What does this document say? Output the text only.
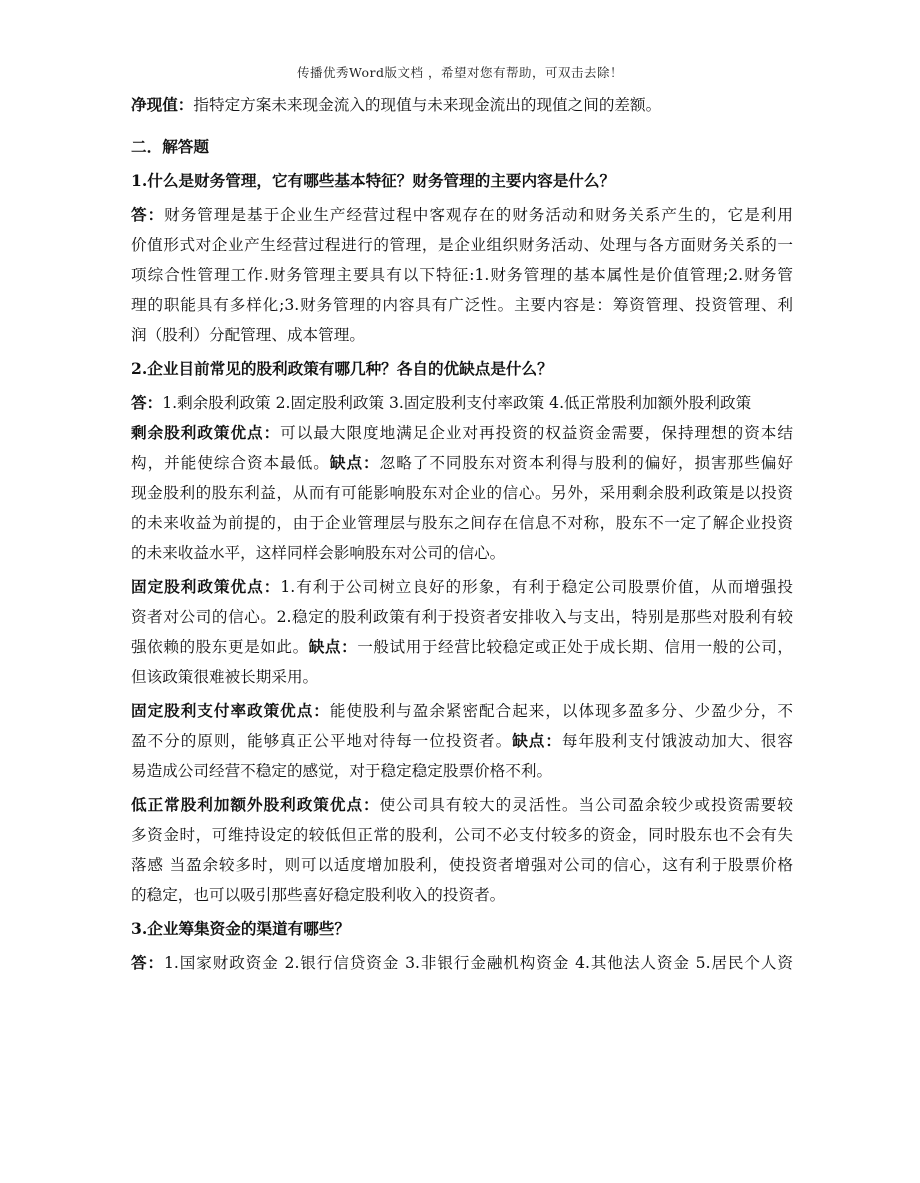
传播优秀Word版文档 ，希望对您有帮助，可双击去除！
净现值：指特定方案未来现金流入的现值与未来现金流出的现值之间的差额。
二．解答题
1.什么是财务管理，它有哪些基本特征？财务管理的主要内容是什么？
答：财务管理是基于企业生产经营过程中客观存在的财务活动和财务关系产生的，它是利用
价值形式对企业产生经营过程进行的管理，是企业组织财务活动、处理与各方面财务关系的一
项综合性管理工作.财务管理主要具有以下特征:1.财务管理的基本属性是价值管理;2.财务管
理的职能具有多样化;3.财务管理的内容具有广泛性。主要内容是：筹资管理、投资管理、利
润（股利）分配管理、成本管理。
2.企业目前常见的股利政策有哪几种？各自的优缺点是什么？
答：1.剩余股利政策 2.固定股利政策 3.固定股利支付率政策 4.低正常股利加额外股利政策
剩余股利政策优点：可以最大限度地满足企业对再投资的权益资金需要，保持理想的资本结
构，并能使综合资本最低。缺点：忽略了不同股东对资本利得与股利的偏好，损害那些偏好
现金股利的股东利益，从而有可能影响股东对企业的信心。另外，采用剩余股利政策是以投资
的未来收益为前提的，由于企业管理层与股东之间存在信息不对称，股东不一定了解企业投资
的未来收益水平，这样同样会影响股东对公司的信心。
固定股利政策优点：1.有利于公司树立良好的形象，有利于稳定公司股票价值，从而增强投
资者对公司的信心。2.稳定的股利政策有利于投资者安排收入与支出，特别是那些对股利有较
强依赖的股东更是如此。缺点：一般试用于经营比较稳定或正处于成长期、信用一般的公司，
但该政策很难被长期采用。
固定股利支付率政策优点：能使股利与盈余紧密配合起来，以体现多盈多分、少盈少分，不
盈不分的原则，能够真正公平地对待每一位投资者。缺点：每年股利支付饿波动加大、很容
易造成公司经营不稳定的感觉，对于稳定稳定股票价格不利。
低正常股利加额外股利政策优点：使公司具有较大的灵活性。当公司盈余较少或投资需要较
多资金时，可维持设定的较低但正常的股利，公司不必支付较多的资金，同时股东也不会有失
落感 当盈余较多时，则可以适度增加股利，使投资者增强对公司的信心，这有利于股票价格
的稳定，也可以吸引那些喜好稳定股利收入的投资者。
3.企业筹集资金的渠道有哪些？
答：1.国家财政资金 2.银行信贷资金 3.非银行金融机构资金 4.其他法人资金 5.居民个人资
